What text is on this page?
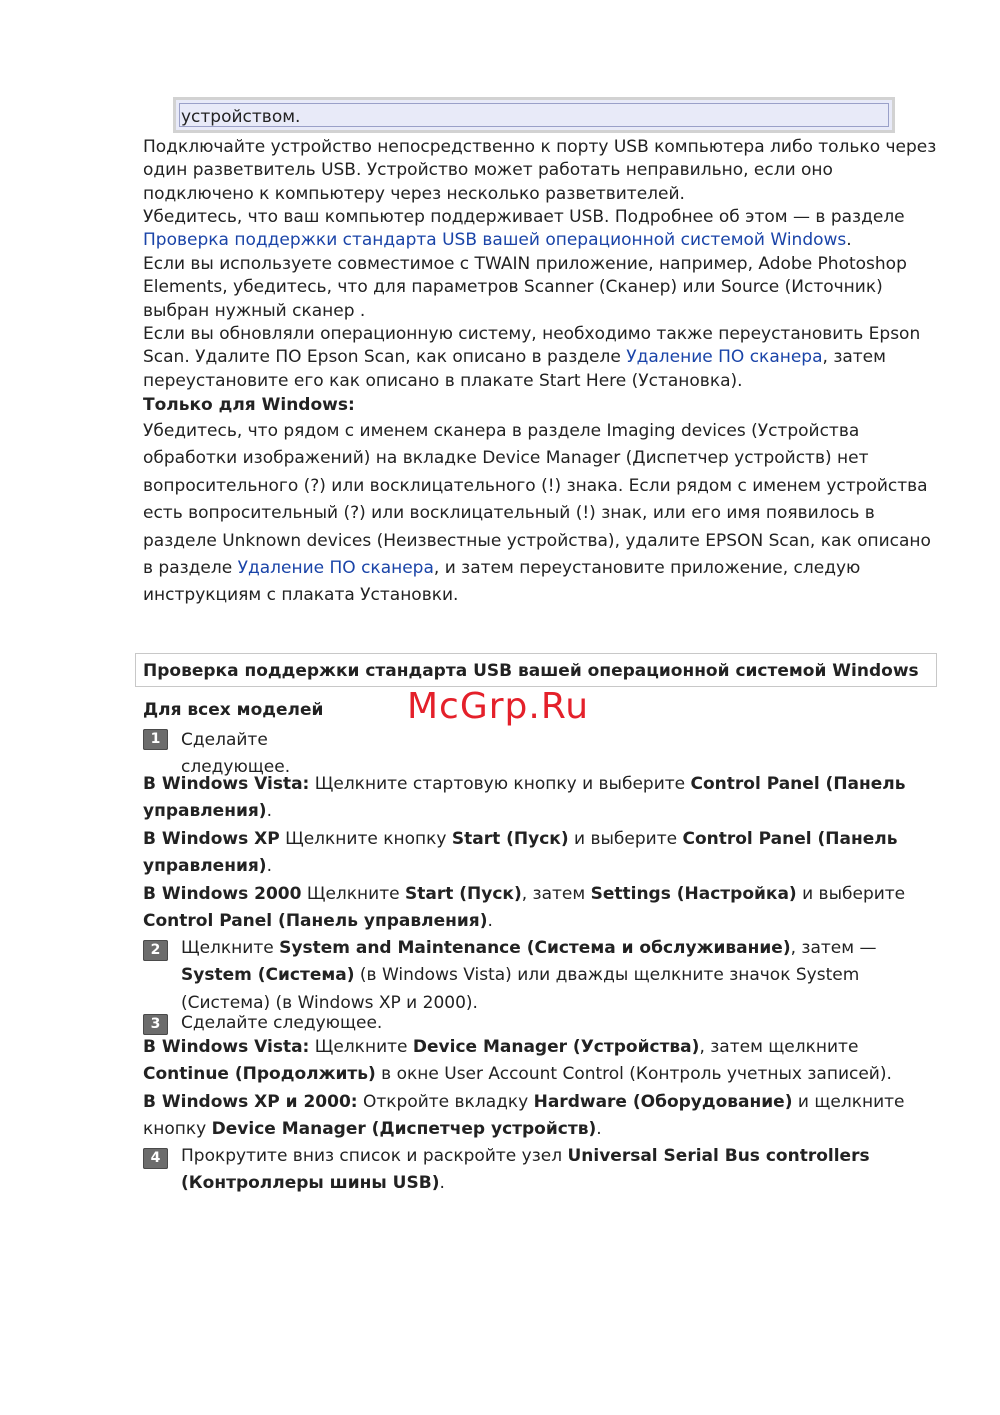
устройством.
Подключайте устройство непосредственно к порту USB компьютера либо только через
один разветвитель USB. Устройство может работать неправильно, если оно
подключено к компьютеру через несколько разветвителей.
Убедитесь, что ваш компьютер поддерживает USB. Подробнее об этом — в разделе
Проверка поддержки стандарта USB вашей операционной системой Windows.
Если вы используете совместимое с TWAIN приложение, например, Adobe Photoshop
Elements, убедитесь, что для параметров Scanner (Сканер) или Source (Источник)
выбран нужный сканер .
Если вы обновляли операционную систему, необходимо также переустановить Epson
Scan. Удалите ПО Epson Scan, как описано в разделе Удаление ПО сканера, затем
переустановите его как описано в плакате Start Here (Установка).
Только для Windows:
Убедитесь, что рядом с именем сканера в разделе Imaging devices (Устройства
обработки изображений) на вкладке Device Manager (Диспетчер устройств) нет
вопросительного (?) или восклицательного (!) знака. Если рядом с именем устройства
есть вопросительный (?) или восклицательный (!) знак, или его имя появилось в
разделе Unknown devices (Неизвестные устройства), удалите EPSON Scan, как описано
в разделе Удаление ПО сканера, и затем переустановите приложение, следую
инструкциям с плаката Установки.
Проверка поддержки стандарта USB вашей операционной системой Windows
Для всех моделей	McGrp.Ru
1	Сделайте
следующее.
В Windows Vista: Щелкните стартовую кнопку и выберите Control Panel (Панель
управления).
В Windows XP Щелкните кнопку Start (Пуск) и выберите Control Panel (Панель
управления).
В Windows 2000 Щелкните Start (Пуск), затем Settings (Настройка) и выберите
Control Panel (Панель управления).
2	Щелкните System and Maintenance (Система и обслуживание), затем —
System (Система) (в Windows Vista) или дважды щелкните значок System
(Система) (в Windows XP и 2000).
3	Сделайте следующее.
В Windows Vista: Щелкните Device Manager (Устройства), затем щелкните
Continue (Продолжить) в окне User Account Control (Контроль учетных записей).
В Windows XP и 2000: Откройте вкладку Hardware (Оборудование) и щелкните
кнопку Device Manager (Диспетчер устройств).
4	Прокрутите вниз список и раскройте узел Universal Serial Bus controllers
(Контроллеры шины USB).
